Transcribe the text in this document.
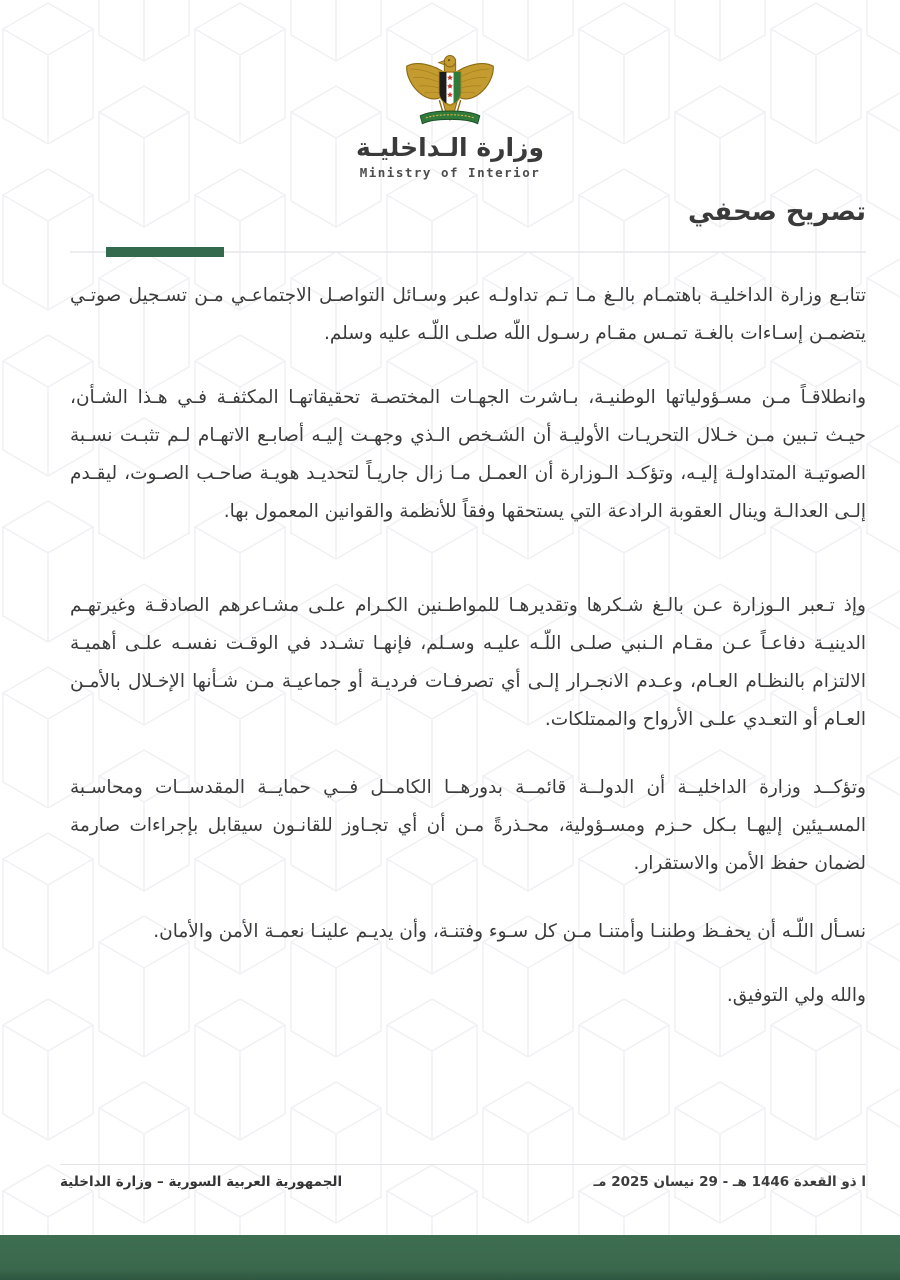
وزارة الـداخليـة
Ministry of Interior
تصريح صحفي

تتابـع وزارة الداخليـة باهتمـام بالـغ مـا تـم تداولـه عبر وسـائل التواصـل الاجتماعـي مـن تسـجيل صوتـي يتضمـن إسـاءات بالغـة تمـس مقـام رسـول اللّه صلـى اللّـه عليه وسلم.

وانطلاقـاً مـن مسـؤولياتها الوطنيـة، بـاشرت الجهـات المختصـة تحقيقاتهـا المكثفـة فـي هـذا الشـأن، حيـث تـبين مـن خـلال التحريـات الأوليـة أن الشـخص الـذي وجهـت إليـه أصابـع الاتهـام لـم تثبـت نسـبة الصوتيـة المتداولـة إليـه، وتؤكـد الـوزارة أن العمـل مـا زال جاريـاً لتحديـد هويـة صاحـب الصـوت، ليقـدم إلـى العدالـة وينال العقوبة الرادعة التي يستحقها وفقاً للأنظمة والقوانين المعمول بها.

وإذ تـعبر الـوزارة عـن بالـغ شـكرها وتقديرهـا للمواطـنين الكـرام علـى مشـاعرهم الصادقـة وغيرتهـم الدينيـة دفاعـاً عـن مقـام الـنبي صلـى اللّـه عليـه وسـلم، فإنهـا تشـدد في الوقـت نفسـه علـى أهميـة الالتزام بالنظـام العـام، وعـدم الانجـرار إلـى أي تصرفـات فرديـة أو جماعيـة مـن شـأنها الإخـلال بالأمـن العـام أو التعـدي علـى الأرواح والممتلكات.

وتؤكــد وزارة الداخليــة أن الدولــة قائمــة بدورهــا الكامــل فــي حمايــة المقدســات ومحاسـبة المسـيئين إليهـا بـكل حـزم ومسـؤولية، محـذرةً مـن أن أي تجـاوز للقانـون سيقابل بإجراءات صارمة لضمان حفظ الأمن والاستقرار.

نسـأل اللّـه أن يحفـظ وطننـا وأمتنـا مـن كل سـوء وفتنـة، وأن يديـم علينـا نعمـة الأمن والأمان.

والله ولي التوفيق.

ا ذو القعدة 1446 هـ - 29 نيسان 2025 مـ
الجمهورية العربية السورية – وزارة الداخلية
